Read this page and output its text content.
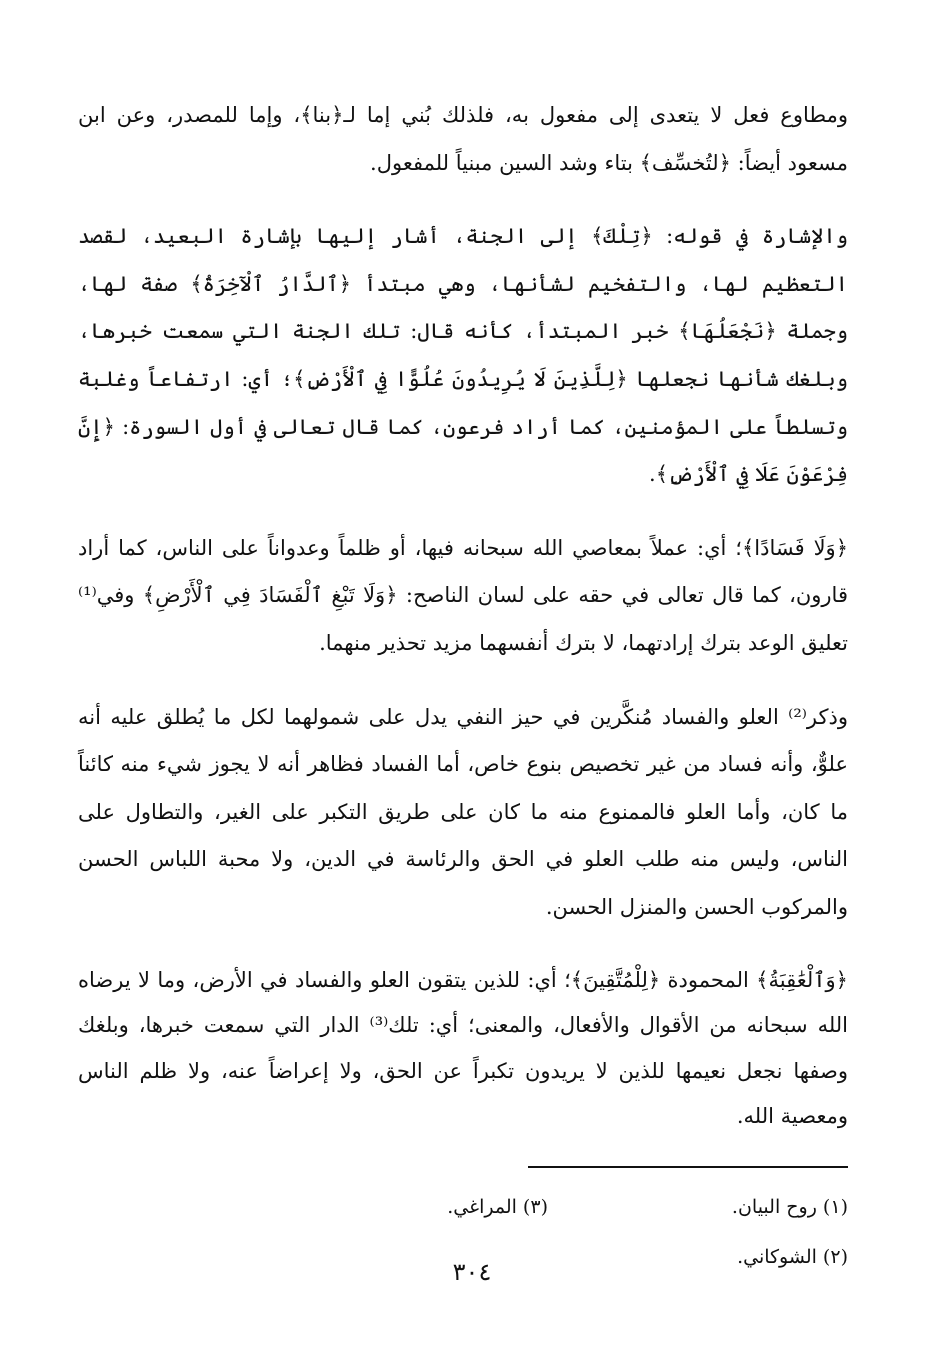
ومطاوع فعل لا يتعدى إلى مفعول به، فلذلك بُني إما لـ﴿بنا﴾، وإما للمصدر، وعن ابن مسعود أيضاً: ﴿لتُخسِّف﴾ بتاء وشد السين مبنياً للمفعول.

والإشارة في قوله: ﴿تِلْكَ﴾ إلى الجنة، أشار إليها بإشارة البعيد، لقصد التعظيم لها، والتفخيم لشأنها، وهي مبتدأ ﴿ٱلدَّارُ ٱلْآخِرَةُ﴾ صفة لها، وجملة ﴿نَجْعَلُهَا﴾ خبر المبتدأ، كأنه قال: تلك الجنة التي سمعت خبرها، وبلغك شأنها نجعلها ﴿لِلَّذِينَ لَا يُرِيدُونَ عُلُوًّا فِي ٱلْأَرْضِ﴾؛ أي: ارتفاعاً وغلبة وتسلطاً على المؤمنين، كما أراد فرعون، كما قال تعالى في أول السورة: ﴿إِنَّ فِرْعَوْنَ عَلَا فِي ٱلْأَرْضِ﴾.

﴿وَلَا فَسَادًا﴾؛ أي: عملاً بمعاصي الله سبحانه فيها، أو ظلماً وعدواناً على الناس، كما أراد قارون، كما قال تعالى في حقه على لسان الناصح: ﴿وَلَا تَبْغِ ٱلْفَسَادَ فِي ٱلْأَرْضِ﴾ وفي⁽¹⁾ تعليق الوعد بترك إرادتهما، لا بترك أنفسهما مزيد تحذير منهما.

وذكر⁽²⁾ العلو والفساد مُنكَّرين في حيز النفي يدل على شمولهما لكل ما يُطلق عليه أنه علوٌّ، وأنه فساد من غير تخصيص بنوع خاص، أما الفساد فظاهر أنه لا يجوز شيء منه كائناً ما كان، وأما العلو فالممنوع منه ما كان على طريق التكبر على الغير، والتطاول على الناس، وليس منه طلب العلو في الحق والرئاسة في الدين، ولا محبة اللباس الحسن والمركوب الحسن والمنزل الحسن.

﴿وَٱلْعَٰقِبَةُ﴾ المحمودة ﴿لِلْمُتَّقِينَ﴾؛ أي: للذين يتقون العلو والفساد في الأرض، وما لا يرضاه الله سبحانه من الأقوال والأفعال، والمعنى؛ أي: تلك⁽³⁾ الدار التي سمعت خبرها، وبلغك وصفها نجعل نعيمها للذين لا يريدون تكبراً عن الحق، ولا إعراضاً عنه، ولا ظلم الناس ومعصية الله.

(١) روح البيان.
(٣) المراغي.
(٢) الشوكاني.
٣٠٤
